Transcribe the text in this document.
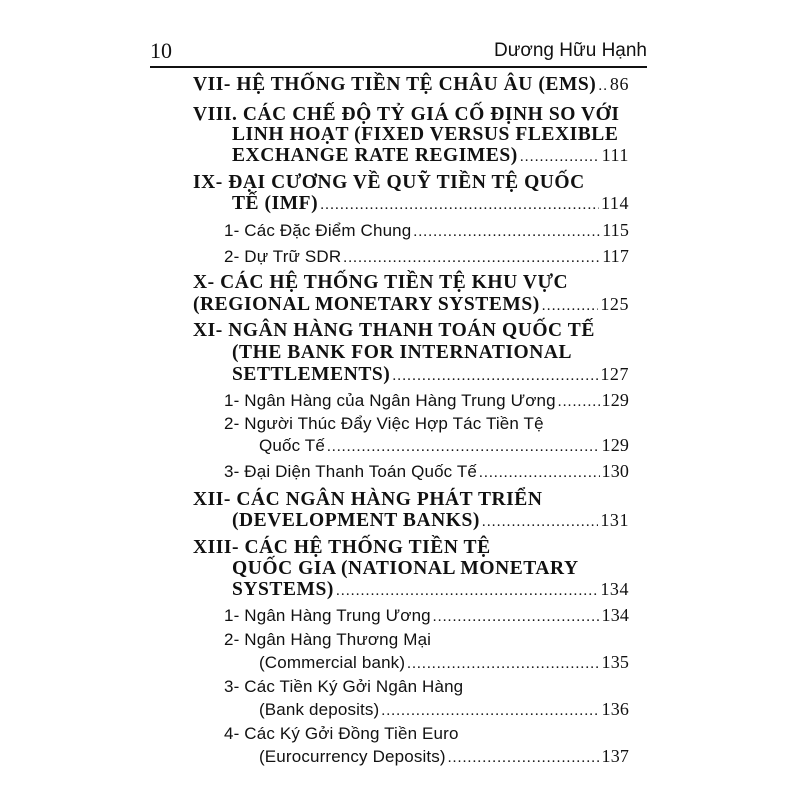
10	Dương Hữu Hạnh
VII- HỆ THỐNG TIỀN TỆ CHÂU ÂU (EMS) ..... 86
VIII. CÁC CHẾ ĐỘ TỶ GIÁ CỐ ĐỊNH SO VỚI
LINH HOẠT (FIXED VERSUS FLEXIBLE
EXCHANGE RATE REGIMES) .....	111
IX- ĐẠI CƯƠNG VỀ QUỸ TIỀN TỆ QUỐC
TẾ (IMF) .....	114
1- Các Đặc Điểm Chung .....	115
2- Dự Trữ SDR .....	117
X- CÁC HỆ THỐNG TIỀN TỆ KHU VỰC
(REGIONAL MONETARY SYSTEMS) .....	125
XI- NGÂN HÀNG THANH TOÁN QUỐC TẾ
(THE BANK FOR INTERNATIONAL
SETTLEMENTS) .....	127
1- Ngân Hàng của Ngân Hàng Trung Ương .....	129
2- Người Thúc Đẩy Việc Hợp Tác Tiền Tệ
Quốc Tế .....	129
3- Đại Diện Thanh Toán Quốc Tế .....	130
XII- CÁC NGÂN HÀNG PHÁT TRIỂN
(DEVELOPMENT BANKS) .....	131
XIII- CÁC HỆ THỐNG TIỀN TỆ
QUỐC GIA (NATIONAL MONETARY
SYSTEMS) .....	134
1- Ngân Hàng Trung Ương .....	134
2- Ngân Hàng Thương Mại
(Commercial bank) .....	135
3- Các Tiền Ký Gởi Ngân Hàng
(Bank deposits) .....	136
4- Các Ký Gởi Đồng Tiền Euro
(Eurocurrency Deposits) .....	137
